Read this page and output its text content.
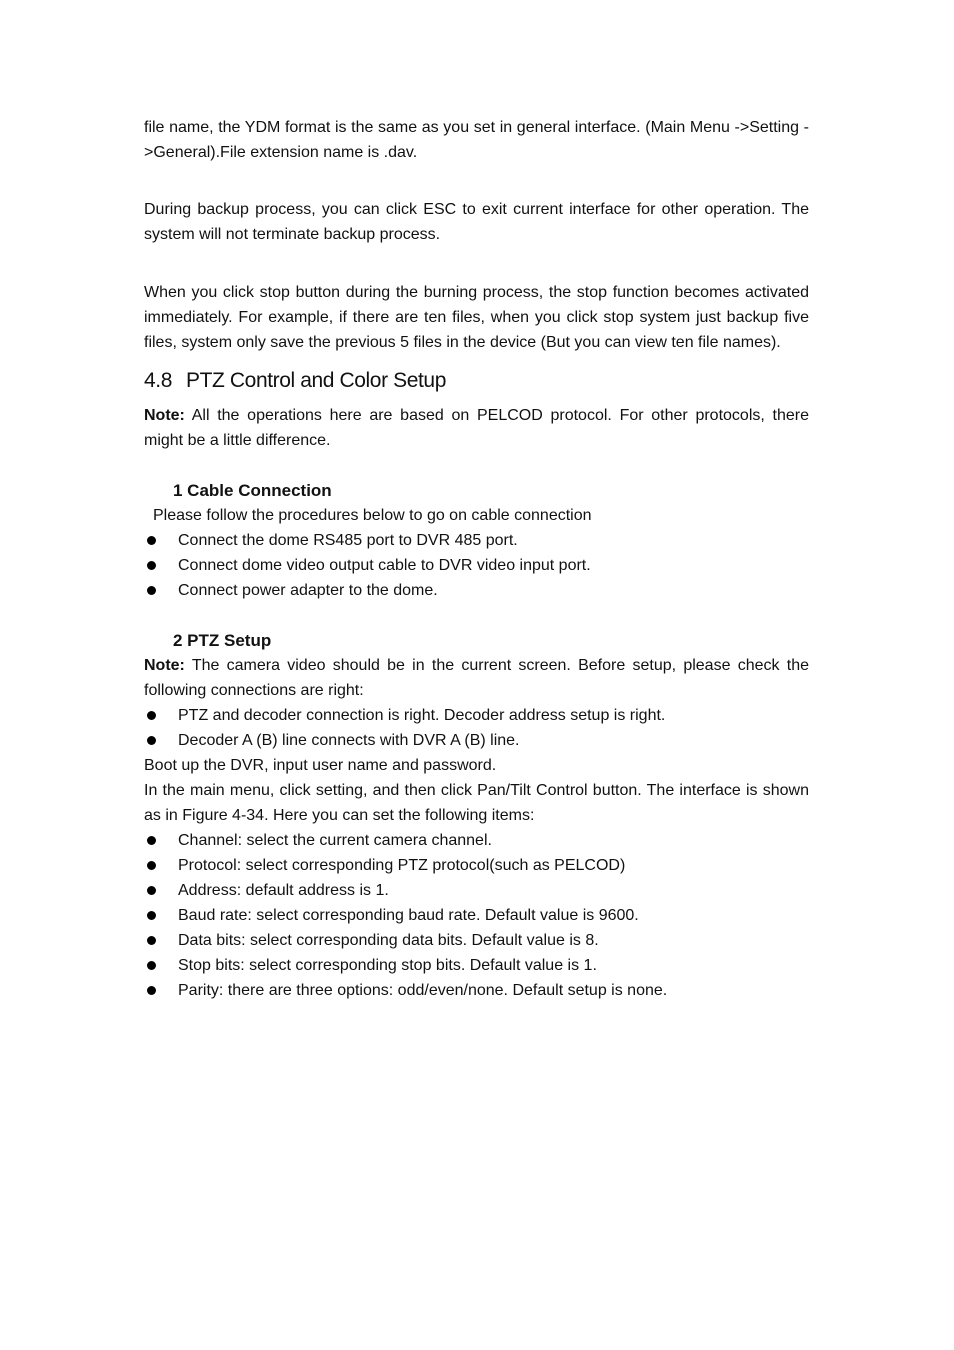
file name, the YDM format is the same as you set in general interface. (Main Menu ->Setting ->General).File extension name is .dav.

During backup process, you can click ESC to exit current interface for other operation. The system will not terminate backup process.

When you click stop button during the burning process, the stop function becomes activated immediately. For example, if there are ten files, when you click stop system just backup five files, system only save the previous 5 files in the device (But you can view ten file names).

4.8 PTZ Control and Color Setup

Note: All the operations here are based on PELCOD protocol. For other protocols, there might be a little difference.

1 Cable Connection

Please follow the procedures below to go on cable connection

Connect the dome RS485 port to DVR 485 port.
Connect dome video output cable to DVR video input port.
Connect power adapter to the dome.
2 PTZ Setup

Note: The camera video should be in the current screen. Before setup, please check the following connections are right:

PTZ and decoder connection is right. Decoder address setup is right.
Decoder A (B) line connects with DVR A (B) line.

Boot up the DVR, input user name and password.

In the main menu, click setting, and then click Pan/Tilt Control button. The interface is shown as in Figure 4-34. Here you can set the following items:

Channel: select the current camera channel.
Protocol: select corresponding PTZ protocol(such as PELCOD)
Address: default address is 1.
Baud rate: select corresponding baud rate. Default value is 9600.
Data bits: select corresponding data bits. Default value is 8.
Stop bits: select corresponding stop bits. Default value is 1.
Parity: there are three options: odd/even/none. Default setup is none.
